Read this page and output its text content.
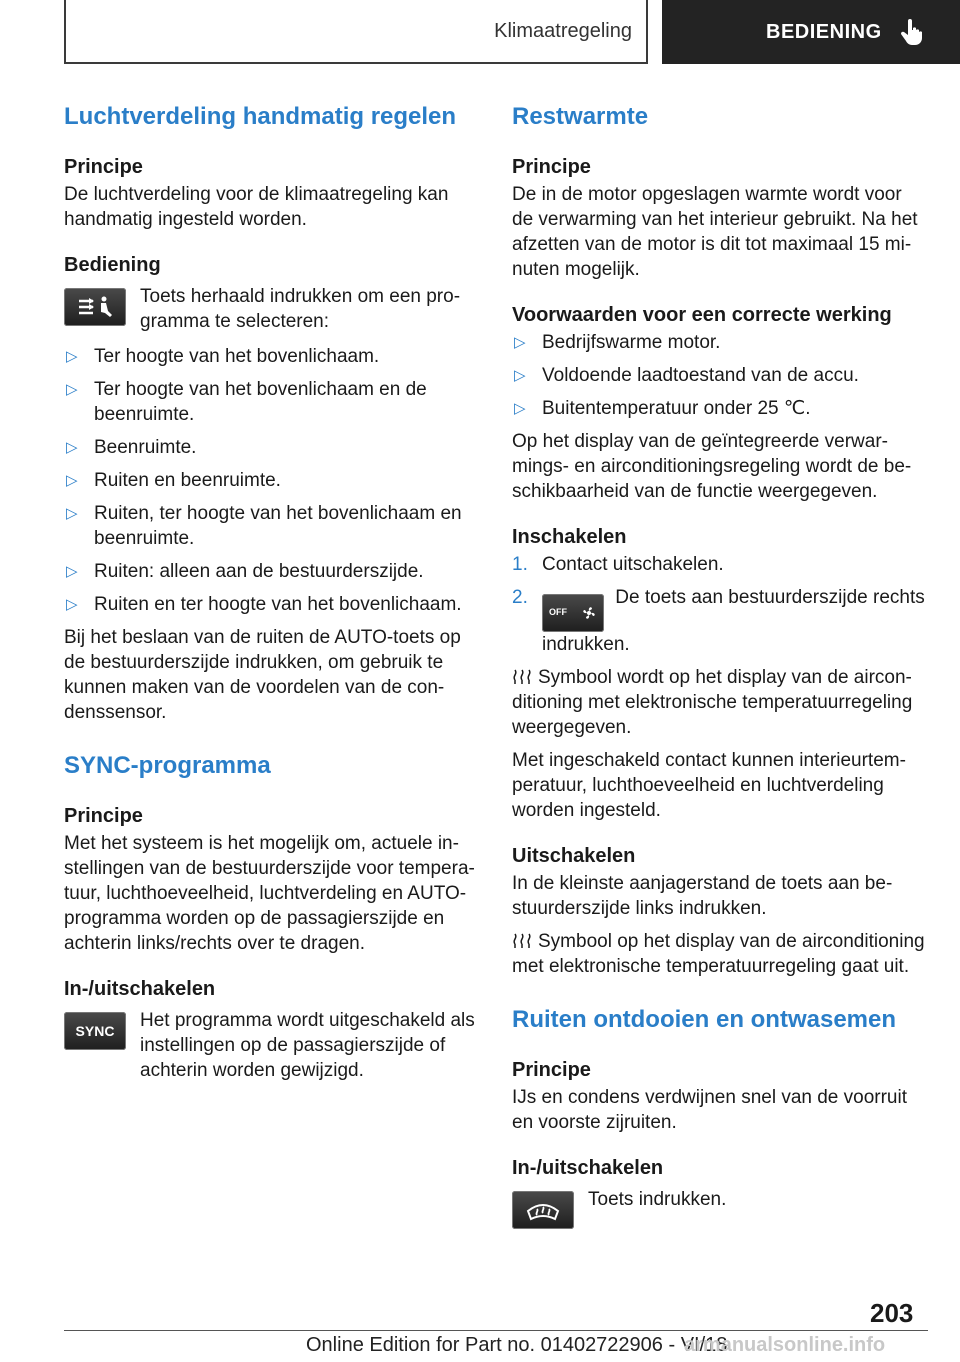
Klimaatregeling	BEDIENING
Luchtverdeling handmatig regelen
Principe

De luchtverdeling voor de klimaatregeling kan handmatig ingesteld worden.

Bediening
Toets herhaald indrukken om een pro‐ gramma te selecteren:
▷ Ter hoogte van het bovenlichaam.
▷ Ter hoogte van het bovenlichaam en de beenruimte.
▷ Beenruimte.
▷ Ruiten en beenruimte.
▷ Ruiten, ter hoogte van het bovenlichaam en beenruimte.
▷ Ruiten: alleen aan de bestuurderszijde.
▷ Ruiten en ter hoogte van het bovenlichaam.

Bij het beslaan van de ruiten de AUTO-toets op de bestuurderszijde indrukken, om gebruik te kunnen maken van de voordelen van de con‐ denssensor.

SYNC-programma
Principe

Met het systeem is het mogelijk om, actuele in‐ stellingen van de bestuurderszijde voor tempera‐ tuur, luchthoeveelheid, luchtverdeling en AUTO- programma worden op de passagierszijde en achterin links/rechts over te dragen.

In-/uitschakelen
SYNC Het programma wordt uitgeschakeld als instellingen op de passagierszijde of achterin worden gewijzigd.
Restwarmte
Principe

De in de motor opgeslagen warmte wordt voor de verwarming van het interieur gebruikt. Na het afzetten van de motor is dit tot maximaal 15 mi‐ nuten mogelijk.

Voorwaarden voor een correcte werking
▷ Bedrijfswarme motor.
▷ Voldoende laadtoestand van de accu.
▷ Buitentemperatuur onder 25 ℃.

Op het display van de geïntegreerde verwar‐ mings- en airconditioningsregeling wordt de be‐ schikbaarheid van de functie weergegeven.

Inschakelen
1. Contact uitschakelen.
2.
OFF
De toets aan bestuurderszijde rechts indrukken.

Symbool wordt op het display van de aircon‐ ditioning met elektronische temperatuurregeling weergegeven.

Met ingeschakeld contact kunnen interieurtem‐ peratuur, luchthoeveelheid en luchtverdeling worden ingesteld.

Uitschakelen

In de kleinste aanjagerstand de toets aan be‐ stuurderszijde links indrukken.

Symbool op het display van de airconditioning met elektronische temperatuurregeling gaat uit.

Ruiten ontdooien en ontwasemen
Principe

IJs en condens verdwijnen snel van de voorruit en voorste zijruiten.

In-/uitschakelen
Toets indrukken.
203
Online Edition for Part no. 01402722906 - VI/18
armanualsonline.info
